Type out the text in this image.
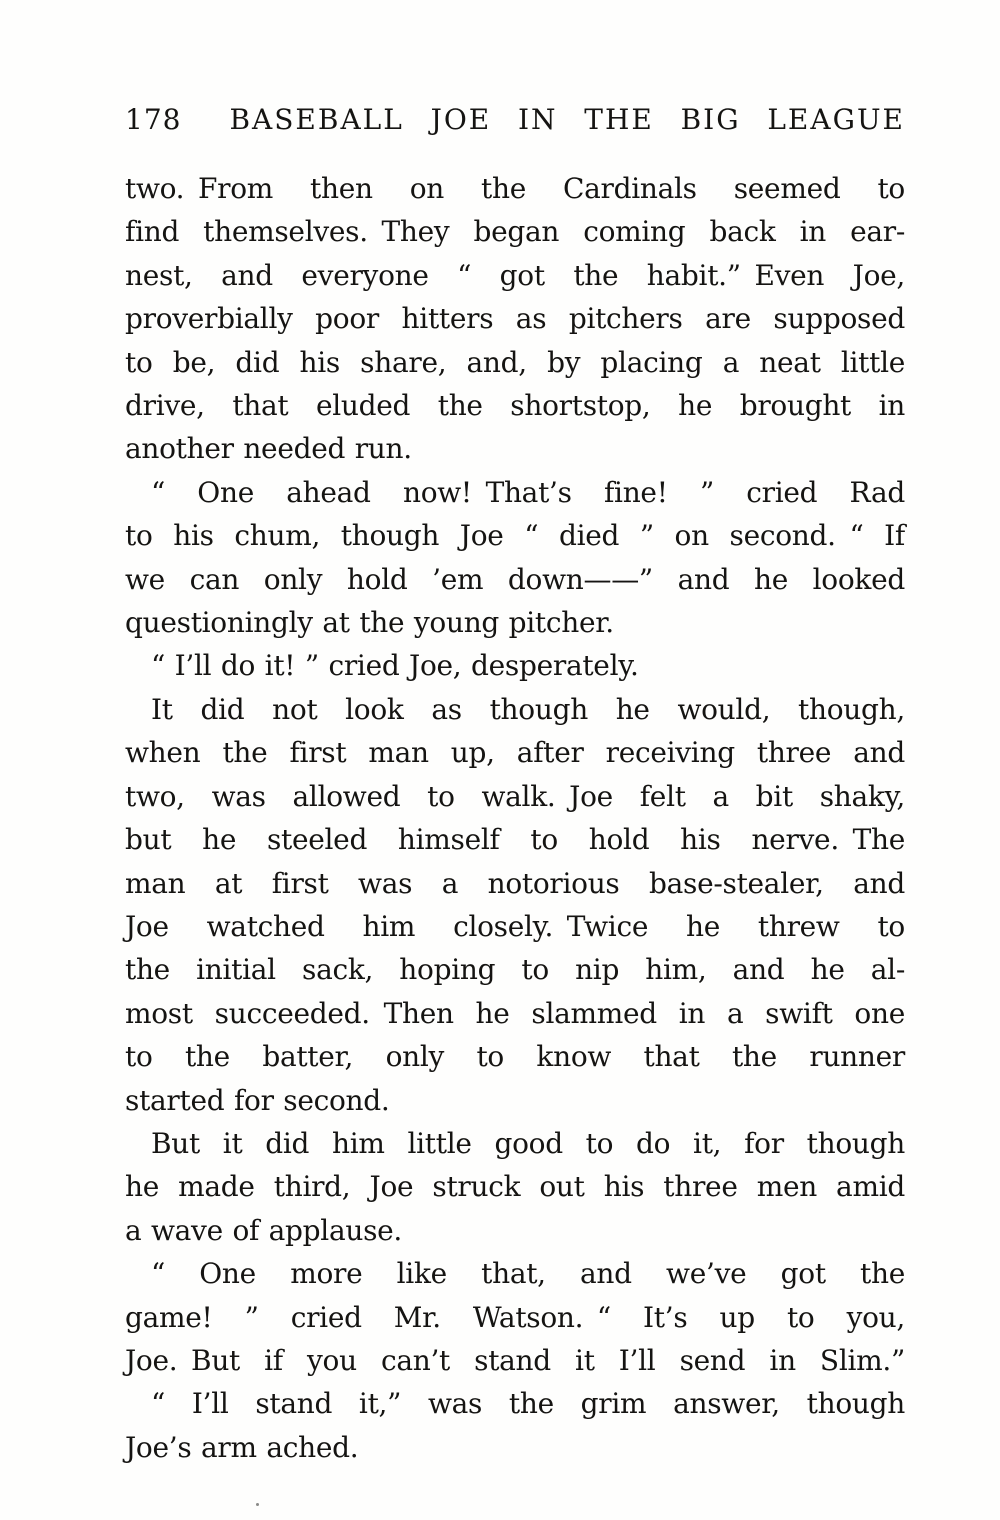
178 BASEBALL JOE IN THE BIG LEAGUE
two. From then on the Cardinals seemed to
find themselves. They began coming back in ear-
nest, and everyone “ got the habit.” Even Joe,
proverbially poor hitters as pitchers are supposed
to be, did his share, and, by placing a neat little
drive, that eluded the shortstop, he brought in
another needed run.
“ One ahead now! That’s fine! ” cried Rad
to his chum, though Joe “ died ” on second. “ If
we can only hold ’em down——” and he looked
questioningly at the young pitcher.
“ I’ll do it! ” cried Joe, desperately.
It did not look as though he would, though,
when the first man up, after receiving three and
two, was allowed to walk. Joe felt a bit shaky,
but he steeled himself to hold his nerve. The
man at first was a notorious base-stealer, and
Joe watched him closely. Twice he threw to
the initial sack, hoping to nip him, and he al-
most succeeded. Then he slammed in a swift one
to the batter, only to know that the runner
started for second.
But it did him little good to do it, for though
he made third, Joe struck out his three men amid
a wave of applause.
“ One more like that, and we’ve got the
game! ” cried Mr. Watson. “ It’s up to you,
Joe. But if you can’t stand it I’ll send in Slim.”
“ I’ll stand it,” was the grim answer, though
Joe’s arm ached.
